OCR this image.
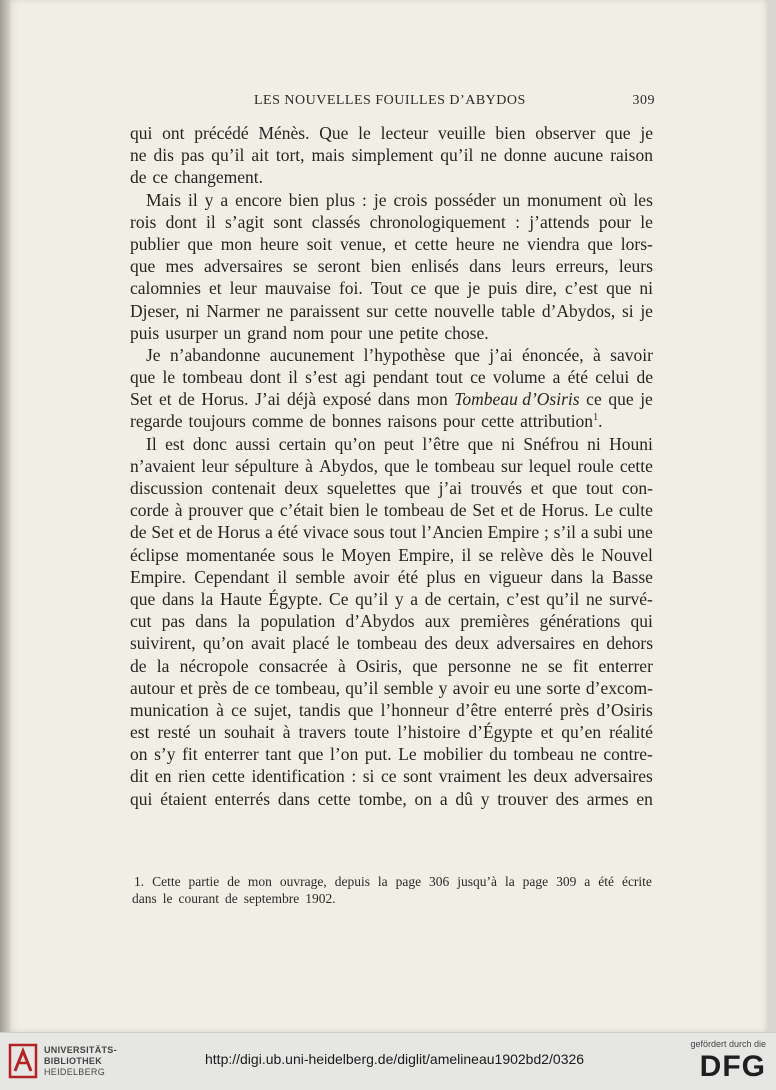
LES NOUVELLES FOUILLES D’ABYDOS	309
qui ont précédé Ménès. Que le lecteur veuille bien observer que je
ne dis pas qu’il ait tort, mais simplement qu’il ne donne aucune raison
de ce changement.
Mais il y a encore bien plus : je crois posséder un monument où les
rois dont il s’agit sont classés chronologiquement : j’attends pour le
publier que mon heure soit venue, et cette heure ne viendra que lors-
que mes adversaires se seront bien enlisés dans leurs erreurs, leurs
calomnies et leur mauvaise foi. Tout ce que je puis dire, c’est que ni
Djeser, ni Narmer ne paraissent sur cette nouvelle table d’Abydos, si je
puis usurper un grand nom pour une petite chose.
Je n’abandonne aucunement l’hypothèse que j’ai énoncée, à savoir
que le tombeau dont il s’est agi pendant tout ce volume a été celui de
Set et de Horus. J’ai déjà exposé dans mon Tombeau d’Osiris ce que je
regarde toujours comme de bonnes raisons pour cette attribution$^1$.
Il est donc aussi certain qu’on peut l’être que ni Snéfrou ni Houni
n’avaient leur sépulture à Abydos, que le tombeau sur lequel roule cette
discussion contenait deux squelettes que j’ai trouvés et que tout con-
corde à prouver que c’était bien le tombeau de Set et de Horus. Le culte
de Set et de Horus a été vivace sous tout l’Ancien Empire ; s’il a subi une
éclipse momentanée sous le Moyen Empire, il se relève dès le Nouvel
Empire. Cependant il semble avoir été plus en vigueur dans la Basse
que dans la Haute Égypte. Ce qu’il y a de certain, c’est qu’il ne survé-
cut pas dans la population d’Abydos aux premières générations qui
suivirent, qu’on avait placé le tombeau des deux adversaires en dehors
de la nécropole consacrée à Osiris, que personne ne se fit enterrer
autour et près de ce tombeau, qu’il semble y avoir eu une sorte d’excom-
munication à ce sujet, tandis que l’honneur d’être enterré près d’Osiris
est resté un souhait à travers toute l’histoire d’Égypte et qu’en réalité
on s’y fit enterrer tant que l’on put. Le mobilier du tombeau ne contre-
dit en rien cette identification : si ce sont vraiment les deux adversaires
qui étaient enterrés dans cette tombe, on a dû y trouver des armes en
1. Cette partie de mon ouvrage, depuis la page 306 jusqu’à la page 309 a été écrite
dans le courant de septembre 1902.
UNIVERSITÄTS-
BIBLIOTHEK
HEIDELBERG
http://digi.ub.uni-heidelberg.de/diglit/amelineau1902bd2/0326
gefördert durch die
DFG
